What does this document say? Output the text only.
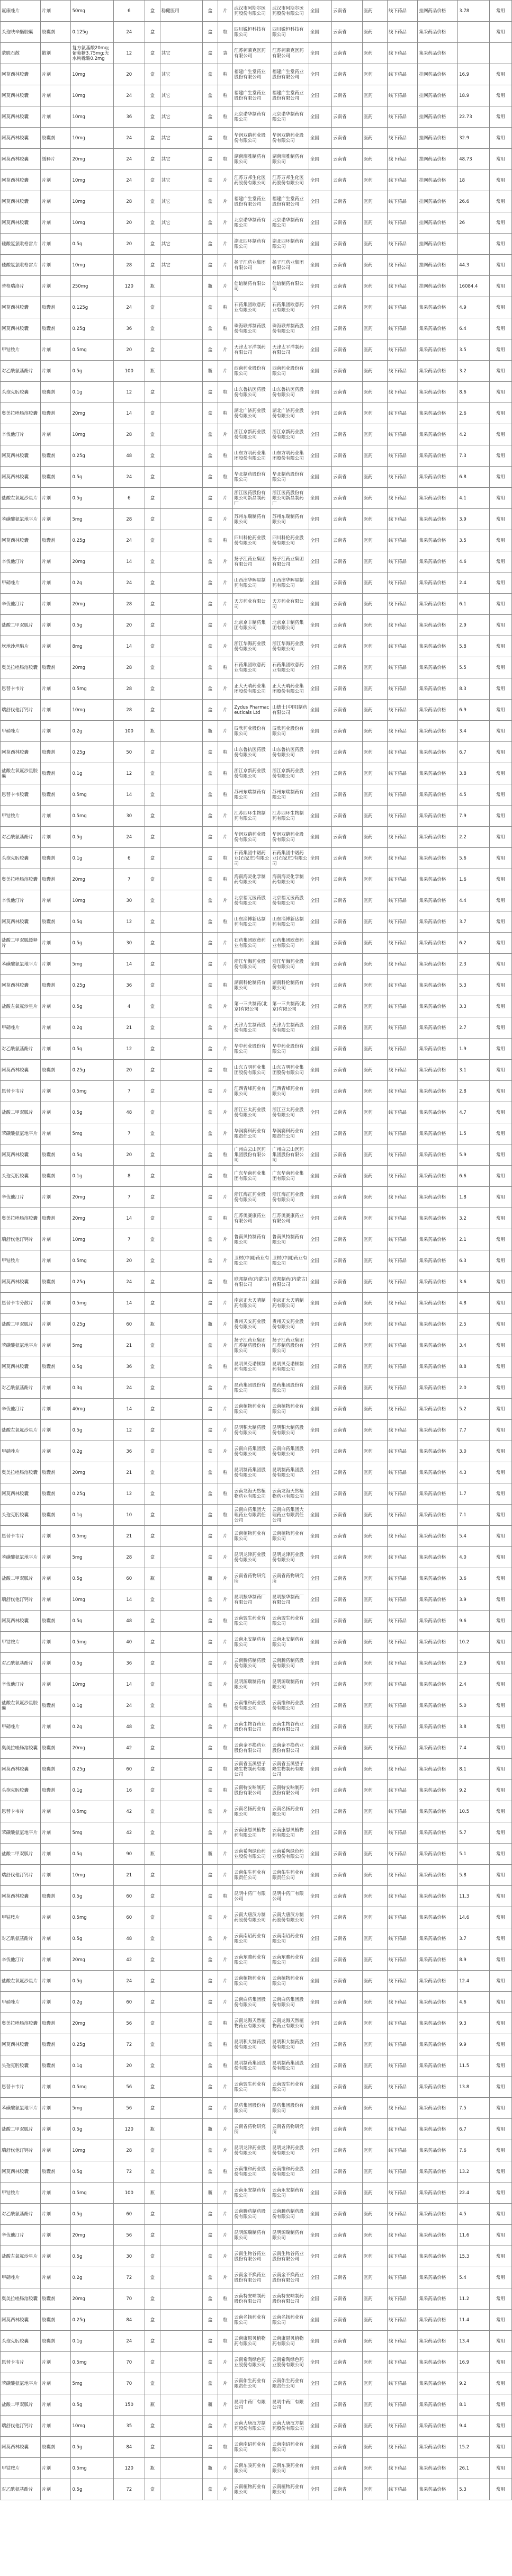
氟康唑片	片剂	50mg	6	盒	稳健医用	盒	片	武汉市阿斯尔医药股份有限公司	武汉市阿斯尔医药股份有限公司	全国	云南省	医药	线下药品	挂网药品价格	3.78	常用
头孢呋辛酯胶囊	胶囊剂	0.125g	24	盒		盒	粒	四川锐恒科技有限公司	四川锐恒科技有限公司	全国	云南省	医药	线下药品	集采药品价格		常用
蒙脱石散	散剂	复方氨基酸20mg;葡萄糖3.75mg;无水枸橼酸0.2mg	12	盒	其它	盒	袋	江苏柯莱克医药有限公司	江苏柯莱克医药有限公司	全国	云南省	医药	线下药品	集采药品价格		
阿莫西林胶囊	片剂	10mg	20	盒	其它	盒	粒	福建广生堂药业股份有限公司	福建广生堂药业股份有限公司	全国	云南省	医药	线下药品	挂网药品价格	16.9	常用
阿莫西林胶囊	片剂	10mg	24	盒	其它	盒	粒	福建广生堂药业股份有限公司	福建广生堂药业股份有限公司	全国	云南省	医药	线下药品	挂网药品价格	18.9	常用
阿莫西林胶囊	片剂	10mg	36	盒	其它	盒	粒	北京诺华制药有限公司	北京诺华制药有限公司	全国	云南省	医药	线下药品	挂网药品价格	22.73	常用
阿莫西林胶囊	胶囊剂	10mg	24	盒	其它	盒	粒	华润双鹤药业股份有限公司	华润双鹤药业股份有限公司	全国	云南省	医药	线下药品	挂网药品价格	32.9	常用
阿莫西林胶囊	缓释片	20mg	24	盒	其它	盒	粒	湖南湘雅制药有限公司	湖南湘雅制药有限公司	全国	云南省	医药	线下药品	挂网药品价格	48.73	常用
阿莫西林胶囊	片剂	10mg	24	盒	其它	盒	片	江苏万邦生化医药股份有限公司	江苏万邦生化医药股份有限公司	全国	云南省	医药	线下药品	挂网药品价格	18	常用
阿莫西林胶囊	片剂	10mg	28	盒	其它	盒	片	福建广生堂药业股份有限公司	福建广生堂药业股份有限公司	全国	云南省	医药	线下药品	挂网药品价格	26.6	常用
阿莫西林胶囊	片剂	10mg	20	盒	其它	盒	片	北京诺华制药有限公司	北京诺华制药有限公司	全国	云南省	医药	线下药品	挂网药品价格	26	常用
硫酸氢氯吡格雷片	片剂	0.5g	20	盒	其它	盒	片	湖北四环制药有限公司	湖北四环制药有限公司	全国	云南省	医药	线下药品	挂网药品价格		常用
硫酸氢氯吡格雷片	片剂	10mg	28	盒	其它	盒	片	扬子江药业集团有限公司	扬子江药业集团有限公司	全国	云南省	医药	线下药品	挂网药品价格	44.3	常用
替格瑞洛片	片剂	250mg	120	瓶		瓶	片	信谊制药有限公司	信谊制药有限公司	全国	云南省	医药	线下药品	挂网药品价格	16084.4	常用
阿莫西林胶囊	胶囊剂	0.125g	24	盒		盒	粒	石药集团欧意药业有限公司	石药集团欧意药业有限公司	全国	云南省	医药	线下药品	集采药品价格	4.9	常用
阿莫西林胶囊	胶囊剂	0.25g	36	盒		盒	粒	珠海联邦制药股份有限公司	珠海联邦制药股份有限公司	全国	云南省	医药	线下药品	集采药品价格	6.4	常用
甲钴胺片	片剂	0.5mg	20	盒		盒	片	天津太平洋制药有限公司	天津太平洋制药有限公司	全国	云南省	医药	线下药品	集采药品价格	3.5	常用
对乙酰氨基酚片	片剂	0.5g	100	瓶		瓶	片	西南药业股份有限公司	西南药业股份有限公司	全国	云南省	医药	线下药品	集采药品价格	3.2	常用
头孢克肟胶囊	胶囊剂	0.1g	12	盒		盒	粒	山东鲁抗医药股份有限公司	山东鲁抗医药股份有限公司	全国	云南省	医药	线下药品	集采药品价格	8.6	常用
奥美拉唑肠溶胶囊	胶囊剂	20mg	14	盒		盒	粒	湖北广济药业股份有限公司	湖北广济药业股份有限公司	全国	云南省	医药	线下药品	集采药品价格	2.6	常用
辛伐他汀片	片剂	10mg	28	盒		盒	片	浙江京新药业股份有限公司	浙江京新药业股份有限公司	全国	云南省	医药	线下药品	集采药品价格	4.2	常用
阿莫西林胶囊	胶囊剂	0.25g	48	盒		盒	粒	山东方明药业集团股份有限公司	山东方明药业集团股份有限公司	全国	云南省	医药	线下药品	集采药品价格	7.3	常用
阿莫西林胶囊	胶囊剂	0.5g	24	盒		盒	粒	华北制药股份有限公司	华北制药股份有限公司	全国	云南省	医药	线下药品	集采药品价格	6.8	常用
盐酸左氧氟沙星片	片剂	0.5g	6	盒		盒	片	浙江医药股份有限公司新昌制药厂	浙江医药股份有限公司新昌制药厂	全国	云南省	医药	线下药品	集采药品价格	4.1	常用
苯磺酸氨氯地平片	片剂	5mg	28	盒		盒	片	苏州东瑞制药有限公司	苏州东瑞制药有限公司	全国	云南省	医药	线下药品	集采药品价格	3.9	常用
阿莫西林胶囊	胶囊剂	0.25g	24	盒		盒	粒	四川科伦药业股份有限公司	四川科伦药业股份有限公司	全国	云南省	医药	线下药品	集采药品价格	3.5	常用
辛伐他汀片	片剂	20mg	14	盒		盒	片	扬子江药业集团有限公司	扬子江药业集团有限公司	全国	云南省	医药	线下药品	集采药品价格	4.6	常用
甲硝唑片	片剂	0.2g	24	盒		盒	片	山西津华晖星制药有限公司	山西津华晖星制药有限公司	全国	云南省	医药	线下药品	集采药品价格	2.4	常用
辛伐他汀片	片剂	20mg	28	盒		盒	片	天方药业有限公司	天方药业有限公司	全国	云南省	医药	线下药品	集采药品价格	6.1	常用
盐酸二甲双胍片	片剂	0.5g	20	盒		盒	片	北京京丰制药集团有限公司	北京京丰制药集团有限公司	全国	云南省	医药	线下药品	集采药品价格	2.9	常用
坎地沙坦酯片	片剂	8mg	14	盒		盒	片	浙江华海药业股份有限公司	浙江华海药业股份有限公司	全国	云南省	医药	线下药品	集采药品价格	5.8	常用
奥美拉唑肠溶胶囊	胶囊剂	20mg	28	盒		盒	粒	石药集团欧意药业有限公司	石药集团欧意药业有限公司	全国	云南省	医药	线下药品	集采药品价格	5.5	常用
恩替卡韦片	片剂	0.5mg	28	盒		盒	片	正大天晴药业集团股份有限公司	正大天晴药业集团股份有限公司	全国	云南省	医药	线下药品	集采药品价格	8.3	常用
瑞舒伐他汀钙片	片剂	10mg	28	盒		盒	片	Zydus Pharmaceuticals Ltd	山德士(中国)制药有限公司	全国	云南省	医药	线下药品	集采药品价格	6.9	常用
甲硝唑片	片剂	0.2g	100	瓶		瓶	片	辰欣药业股份有限公司	辰欣药业股份有限公司	全国	云南省	医药	线下药品	集采药品价格	3.4	常用
阿莫西林胶囊	胶囊剂	0.25g	50	盒		盒	粒	山东鲁抗医药股份有限公司	山东鲁抗医药股份有限公司	全国	云南省	医药	线下药品	集采药品价格	6.7	常用
盐酸左氧氟沙星胶囊	胶囊剂	0.1g	12	盒		盒	粒	浙江京新药业股份有限公司	浙江京新药业股份有限公司	全国	云南省	医药	线下药品	集采药品价格	3.8	常用
恩替卡韦胶囊	胶囊剂	0.5mg	14	盒		盒	粒	苏州东瑞制药有限公司	苏州东瑞制药有限公司	全国	云南省	医药	线下药品	集采药品价格	4.5	常用
甲钴胺片	片剂	0.5mg	30	盒		盒	片	江苏四环生物制药有限公司	江苏四环生物制药有限公司	全国	云南省	医药	线下药品	集采药品价格	7.9	常用
对乙酰氨基酚片	片剂	0.5g	24	盒		盒	片	华润双鹤药业股份有限公司	华润双鹤药业股份有限公司	全国	云南省	医药	线下药品	集采药品价格	2.2	常用
头孢克肟胶囊	胶囊剂	0.1g	6	盒		盒	粒	石药集团中诺药业(石家庄)有限公司	石药集团中诺药业(石家庄)有限公司	全国	云南省	医药	线下药品	集采药品价格	5.6	常用
奥美拉唑肠溶胶囊	胶囊剂	20mg	7	盒		盒	粒	海南海灵化学制药有限公司	海南海灵化学制药有限公司	全国	云南省	医药	线下药品	集采药品价格	1.6	常用
辛伐他汀片	片剂	10mg	30	盒		盒	片	北京福元医药股份有限公司	北京福元医药股份有限公司	全国	云南省	医药	线下药品	集采药品价格	4.4	常用
阿莫西林胶囊	胶囊剂	0.5g	12	盒		盒	粒	山东淄博新达制药有限公司	山东淄博新达制药有限公司	全国	云南省	医药	线下药品	集采药品价格	3.7	常用
盐酸二甲双胍缓释片	片剂	0.5g	30	盒		盒	片	石药集团欧意药业有限公司	石药集团欧意药业有限公司	全国	云南省	医药	线下药品	集采药品价格	6.2	常用
苯磺酸氨氯地平片	片剂	5mg	14	盒		盒	片	浙江华海药业股份有限公司	浙江华海药业股份有限公司	全国	云南省	医药	线下药品	集采药品价格	2.3	常用
阿莫西林胶囊	胶囊剂	0.25g	36	盒		盒	粒	湖南科伦制药有限公司	湖南科伦制药有限公司	全国	云南省	医药	线下药品	集采药品价格	5.3	常用
盐酸左氧氟沙星片	片剂	0.5g	4	盒		盒	片	第一三共制药(北京)有限公司	第一三共制药(北京)有限公司	全国	云南省	医药	线下药品	集采药品价格	3.3	常用
甲硝唑片	片剂	0.2g	21	盒		盒	片	天津力生制药股份有限公司	天津力生制药股份有限公司	全国	云南省	医药	线下药品	集采药品价格	2.7	常用
对乙酰氨基酚片	片剂	0.5g	12	盒		盒	片	华中药业股份有限公司	华中药业股份有限公司	全国	云南省	医药	线下药品	集采药品价格	1.9	常用
阿莫西林胶囊	胶囊剂	0.25g	20	盒		盒	粒	山东方明药业集团股份有限公司	山东方明药业集团股份有限公司	全国	云南省	医药	线下药品	集采药品价格	3.1	常用
恩替卡韦片	片剂	0.5mg	7	盒		盒	片	江西青峰药业有限公司	江西青峰药业有限公司	全国	云南省	医药	线下药品	集采药品价格	2.8	常用
盐酸二甲双胍片	片剂	0.5g	48	盒		盒	片	浙江亚太药业股份有限公司	浙江亚太药业股份有限公司	全国	云南省	医药	线下药品	集采药品价格	4.7	常用
苯磺酸氨氯地平片	片剂	5mg	7	盒		盒	片	华润赛科药业有限责任公司	华润赛科药业有限责任公司	全国	云南省	医药	线下药品	集采药品价格	1.5	常用
阿莫西林胶囊	胶囊剂	0.5g	20	盒		盒	粒	广州白云山医药集团股份有限公司	广州白云山医药集团股份有限公司	全国	云南省	医药	线下药品	集采药品价格	5.9	常用
头孢克肟胶囊	胶囊剂	0.1g	8	盒		盒	粒	广东华南药业集团有限公司	广东华南药业集团有限公司	全国	云南省	医药	线下药品	集采药品价格	6.6	常用
辛伐他汀片	片剂	20mg	7	盒		盒	片	浙江海正药业股份有限公司	浙江海正药业股份有限公司	全国	云南省	医药	线下药品	集采药品价格	1.8	常用
奥美拉唑肠溶胶囊	胶囊剂	20mg	14	盒		盒	粒	江苏奥赛康药业有限公司	江苏奥赛康药业有限公司	全国	云南省	医药	线下药品	集采药品价格	3.2	常用
瑞舒伐他汀钙片	片剂	10mg	7	盒		盒	片	鲁南贝特制药有限公司	鲁南贝特制药有限公司	全国	云南省	医药	线下药品	集采药品价格	2.1	常用
甲钴胺片	片剂	0.5mg	20	盒		盒	片	卫材(中国)药业有限公司	卫材(中国)药业有限公司	全国	云南省	医药	线下药品	集采药品价格	6.3	常用
阿莫西林胶囊	胶囊剂	0.25g	24	盒		盒	粒	联邦制药(内蒙古)有限公司	联邦制药(内蒙古)有限公司	全国	云南省	医药	线下药品	集采药品价格	3.6	常用
恩替卡韦分散片	片剂	0.5mg	14	盒		盒	片	南京正大天晴制药有限公司	南京正大天晴制药有限公司	全国	云南省	医药	线下药品	集采药品价格	4.8	常用
盐酸二甲双胍片	片剂	0.25g	60	瓶		瓶	片	贵州天安药业股份有限公司	贵州天安药业股份有限公司	全国	云南省	医药	线下药品	集采药品价格	2.5	常用
苯磺酸氨氯地平片	片剂	5mg	21	盒		盒	片	扬子江药业集团江苏制药股份有限公司	扬子江药业集团江苏制药股份有限公司	全国	云南省	医药	线下药品	集采药品价格	3.4	常用
阿莫西林胶囊	胶囊剂	0.5g	36	盒		盒	粒	昆明贝克诺顿制药有限公司	昆明贝克诺顿制药有限公司	全国	云南省	医药	线下药品	集采药品价格	8.8	常用
对乙酰氨基酚片	片剂	0.3g	24	盒		盒	片	昆药集团股份有限公司	昆药集团股份有限公司	全国	云南省	医药	线下药品	集采药品价格	2.0	常用
辛伐他汀片	片剂	40mg	14	盒		盒	片	云南植物药业有限公司	云南植物药业有限公司	全国	云南省	医药	线下药品	集采药品价格	5.2	常用
盐酸左氧氟沙星片	片剂	0.5g	12	盒		盒	片	昆明积大制药股份有限公司	昆明积大制药股份有限公司	全国	云南省	医药	线下药品	集采药品价格	7.7	常用
甲硝唑片	片剂	0.2g	36	盒		盒	片	云南白药集团股份有限公司	云南白药集团股份有限公司	全国	云南省	医药	线下药品	集采药品价格	3.0	常用
奥美拉唑肠溶胶囊	胶囊剂	20mg	21	盒		盒	粒	昆明制药集团股份有限公司	昆明制药集团股份有限公司	全国	云南省	医药	线下药品	集采药品价格	4.3	常用
阿莫西林胶囊	胶囊剂	0.25g	12	盒		盒	粒	云南龙海天然植物药业有限公司	云南龙海天然植物药业有限公司	全国	云南省	医药	线下药品	集采药品价格	1.7	常用
头孢克肟胶囊	胶囊剂	0.1g	10	盒		盒	粒	云南白药集团大理药业有限责任公司	云南白药集团大理药业有限责任公司	全国	云南省	医药	线下药品	集采药品价格	7.1	常用
恩替卡韦片	片剂	0.5mg	21	盒		盒	片	云南植物药业有限公司	云南植物药业有限公司	全国	云南省	医药	线下药品	集采药品价格	5.4	常用
苯磺酸氨氯地平片	片剂	5mg	28	盒		盒	片	昆明龙津药业股份有限公司	昆明龙津药业股份有限公司	全国	云南省	医药	线下药品	集采药品价格	4.0	常用
盐酸二甲双胍片	片剂	0.5g	60	瓶		瓶	片	云南省药物研究所	云南省药物研究所	全国	云南省	医药	线下药品	集采药品价格	3.6	常用
瑞舒伐他汀钙片	片剂	10mg	14	盒		盒	片	昆明振华制药厂有限公司	昆明振华制药厂有限公司	全国	云南省	医药	线下药品	集采药品价格	3.9	常用
阿莫西林胶囊	胶囊剂	0.5g	48	盒		盒	粒	云南盟生药业有限公司	云南盟生药业有限公司	全国	云南省	医药	线下药品	集采药品价格	9.6	常用
甲钴胺片	片剂	0.5mg	40	盒		盒	片	云南永安制药有限公司	云南永安制药有限公司	全国	云南省	医药	线下药品	集采药品价格	10.2	常用
对乙酰氨基酚片	片剂	0.5g	36	盒		盒	片	云南腾药制药股份有限公司	云南腾药制药股份有限公司	全国	云南省	医药	线下药品	集采药品价格	2.9	常用
辛伐他汀片	片剂	10mg	14	盒		盒	片	昆明源瑞制药有限公司	昆明源瑞制药有限公司	全国	云南省	医药	线下药品	集采药品价格	2.4	常用
盐酸左氧氟沙星胶囊	胶囊剂	0.1g	24	盒		盒	粒	云南维和药业股份有限公司	云南维和药业股份有限公司	全国	云南省	医药	线下药品	集采药品价格	5.0	常用
甲硝唑片	片剂	0.2g	48	盒		盒	片	云南生物谷药业股份有限公司	云南生物谷药业股份有限公司	全国	云南省	医药	线下药品	集采药品价格	3.8	常用
奥美拉唑肠溶胶囊	胶囊剂	20mg	42	盒		盒	粒	云南金不换药业股份有限公司	云南金不换药业股份有限公司	全国	云南省	医药	线下药品	集采药品价格	7.4	常用
阿莫西林胶囊	胶囊剂	0.25g	60	盒		盒	粒	云南省玉溪望子隆生物制药有限公司	云南省玉溪望子隆生物制药有限公司	全国	云南省	医药	线下药品	集采药品价格	8.1	常用
头孢克肟胶囊	胶囊剂	0.1g	16	盒		盒	粒	云南特安呐制药股份有限公司	云南特安呐制药股份有限公司	全国	云南省	医药	线下药品	集采药品价格	9.2	常用
恩替卡韦片	片剂	0.5mg	42	盒		盒	片	云南名扬药业有限公司	云南名扬药业有限公司	全国	云南省	医药	线下药品	集采药品价格	10.5	常用
苯磺酸氨氯地平片	片剂	5mg	42	盒		盒	片	云南康恩贝植物药有限公司	云南康恩贝植物药有限公司	全国	云南省	医药	线下药品	集采药品价格	5.7	常用
盐酸二甲双胍片	片剂	0.5g	90	瓶		瓶	片	云南希陶绿色药业股份有限公司	云南希陶绿色药业股份有限公司	全国	云南省	医药	线下药品	集采药品价格	5.1	常用
瑞舒伐他汀钙片	片剂	10mg	21	盒		盒	片	云南佑生药业有限责任公司	云南佑生药业有限责任公司	全国	云南省	医药	线下药品	集采药品价格	5.8	常用
阿莫西林胶囊	胶囊剂	0.5g	60	盒		盒	粒	昆明中药厂有限公司	昆明中药厂有限公司	全国	云南省	医药	线下药品	集采药品价格	11.3	常用
甲钴胺片	片剂	0.5mg	60	盒		盒	片	云南大唐汉方制药股份有限公司	云南大唐汉方制药股份有限公司	全国	云南省	医药	线下药品	集采药品价格	14.6	常用
对乙酰氨基酚片	片剂	0.5g	48	盒		盒	片	云南南诏药业有限公司	云南南诏药业有限公司	全国	云南省	医药	线下药品	集采药品价格	3.7	常用
辛伐他汀片	片剂	20mg	42	盒		盒	片	云南东骏药业有限公司	云南东骏药业有限公司	全国	云南省	医药	线下药品	集采药品价格	8.9	常用
盐酸左氧氟沙星片	片剂	0.5g	24	盒		盒	片	云南植物药业有限公司	云南植物药业有限公司	全国	云南省	医药	线下药品	集采药品价格	12.4	常用
甲硝唑片	片剂	0.2g	60	盒		盒	片	云南白药集团股份有限公司	云南白药集团股份有限公司	全国	云南省	医药	线下药品	集采药品价格	4.6	常用
奥美拉唑肠溶胶囊	胶囊剂	20mg	56	盒		盒	粒	云南龙海天然植物药业有限公司	云南龙海天然植物药业有限公司	全国	云南省	医药	线下药品	集采药品价格	9.3	常用
阿莫西林胶囊	胶囊剂	0.25g	72	盒		盒	粒	昆明积大制药股份有限公司	昆明积大制药股份有限公司	全国	云南省	医药	线下药品	集采药品价格	9.9	常用
头孢克肟胶囊	胶囊剂	0.1g	20	盒		盒	粒	昆明制药集团股份有限公司	昆明制药集团股份有限公司	全国	云南省	医药	线下药品	集采药品价格	11.5	常用
恩替卡韦片	片剂	0.5mg	56	盒		盒	片	云南盟生药业有限公司	云南盟生药业有限公司	全国	云南省	医药	线下药品	集采药品价格	13.8	常用
苯磺酸氨氯地平片	片剂	5mg	56	盒		盒	片	昆药集团股份有限公司	昆药集团股份有限公司	全国	云南省	医药	线下药品	集采药品价格	7.5	常用
盐酸二甲双胍片	片剂	0.5g	120	瓶		瓶	片	云南省药物研究所	云南省药物研究所	全国	云南省	医药	线下药品	集采药品价格	6.7	常用
瑞舒伐他汀钙片	片剂	10mg	28	盒		盒	片	昆明龙津药业股份有限公司	昆明龙津药业股份有限公司	全国	云南省	医药	线下药品	集采药品价格	7.6	常用
阿莫西林胶囊	胶囊剂	0.5g	72	盒		盒	粒	云南维和药业股份有限公司	云南维和药业股份有限公司	全国	云南省	医药	线下药品	集采药品价格	13.2	常用
甲钴胺片	片剂	0.5mg	100	瓶		瓶	片	云南永安制药有限公司	云南永安制药有限公司	全国	云南省	医药	线下药品	集采药品价格	22.4	常用
对乙酰氨基酚片	片剂	0.5g	60	盒		盒	片	云南腾药制药股份有限公司	云南腾药制药股份有限公司	全国	云南省	医药	线下药品	集采药品价格	4.5	常用
辛伐他汀片	片剂	20mg	56	盒		盒	片	昆明源瑞制药有限公司	昆明源瑞制药有限公司	全国	云南省	医药	线下药品	集采药品价格	11.6	常用
盐酸左氧氟沙星片	片剂	0.5g	30	盒		盒	片	云南生物谷药业股份有限公司	云南生物谷药业股份有限公司	全国	云南省	医药	线下药品	集采药品价格	15.3	常用
甲硝唑片	片剂	0.2g	72	盒		盒	片	云南金不换药业股份有限公司	云南金不换药业股份有限公司	全国	云南省	医药	线下药品	集采药品价格	5.4	常用
奥美拉唑肠溶胶囊	胶囊剂	20mg	70	盒		盒	粒	云南特安呐制药股份有限公司	云南特安呐制药股份有限公司	全国	云南省	医药	线下药品	集采药品价格	11.2	常用
阿莫西林胶囊	胶囊剂	0.25g	84	盒		盒	粒	云南名扬药业有限公司	云南名扬药业有限公司	全国	云南省	医药	线下药品	集采药品价格	11.4	常用
头孢克肟胶囊	胶囊剂	0.1g	24	盒		盒	粒	云南康恩贝植物药有限公司	云南康恩贝植物药有限公司	全国	云南省	医药	线下药品	集采药品价格	13.4	常用
恩替卡韦片	片剂	0.5mg	70	盒		盒	片	云南希陶绿色药业股份有限公司	云南希陶绿色药业股份有限公司	全国	云南省	医药	线下药品	集采药品价格	16.9	常用
苯磺酸氨氯地平片	片剂	5mg	70	盒		盒	片	云南佑生药业有限责任公司	云南佑生药业有限责任公司	全国	云南省	医药	线下药品	集采药品价格	9.2	常用
盐酸二甲双胍片	片剂	0.5g	150	瓶		瓶	片	昆明中药厂有限公司	昆明中药厂有限公司	全国	云南省	医药	线下药品	集采药品价格	8.1	常用
瑞舒伐他汀钙片	片剂	10mg	35	盒		盒	片	云南大唐汉方制药股份有限公司	云南大唐汉方制药股份有限公司	全国	云南省	医药	线下药品	集采药品价格	9.4	常用
阿莫西林胶囊	胶囊剂	0.5g	84	盒		盒	粒	云南南诏药业有限公司	云南南诏药业有限公司	全国	云南省	医药	线下药品	集采药品价格	15.2	常用
甲钴胺片	片剂	0.5mg	120	瓶		瓶	片	云南东骏药业有限公司	云南东骏药业有限公司	全国	云南省	医药	线下药品	集采药品价格	26.1	常用
对乙酰氨基酚片	片剂	0.5g	72	盒		盒	片	云南植物药业有限公司	云南植物药业有限公司	全国	云南省	医药	线下药品	集采药品价格	5.3	常用
